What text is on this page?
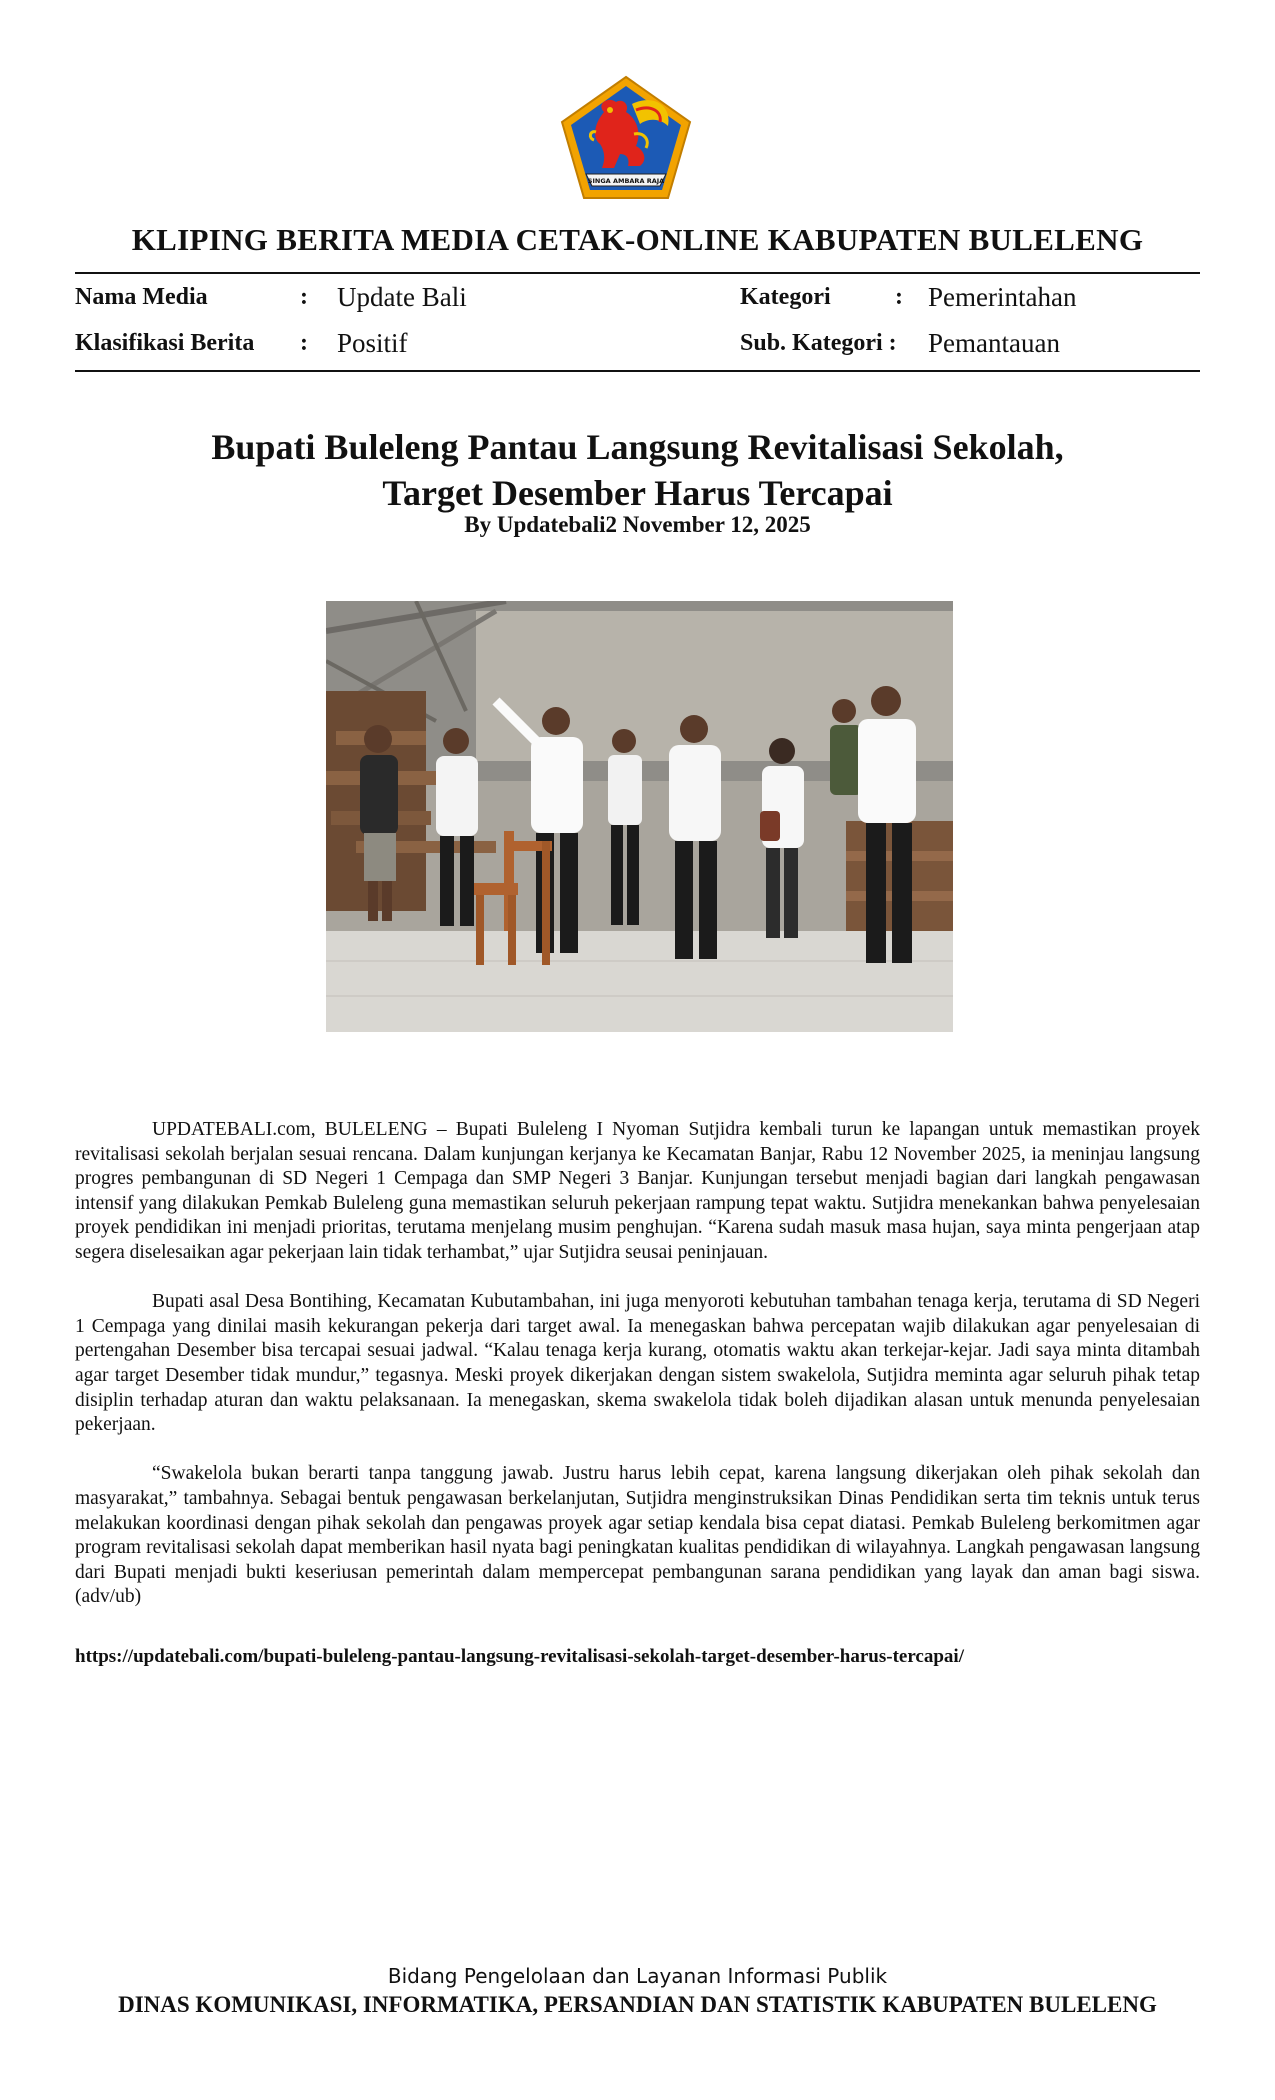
SINGA AMBARA RAJA
KLIPING BERITA MEDIA CETAK-ONLINE KABUPATEN BULELENG
Nama Media	: Update Bali	Kategori	: Pemerintahan
Klasifikasi Berita : Positif	Sub. Kategori : Pemantauan
Bupati Buleleng Pantau Langsung Revitalisasi Sekolah,
Target Desember Harus Tercapai
By Updatebali2 November 12, 2025

UPDATEBALI.com, BULELENG – Bupati Buleleng I Nyoman Sutjidra kembali turun ke lapangan untuk memastikan proyek revitalisasi sekolah berjalan sesuai rencana. Dalam kunjungan kerjanya ke Kecamatan Banjar, Rabu 12 November 2025, ia meninjau langsung progres pembangunan di SD Negeri 1 Cempaga dan SMP Negeri 3 Banjar. Kunjungan tersebut menjadi bagian dari langkah pengawasan intensif yang dilakukan Pemkab Buleleng guna memastikan seluruh pekerjaan rampung tepat waktu. Sutjidra menekankan bahwa penyelesaian proyek pendidikan ini menjadi prioritas, terutama menjelang musim penghujan. “Karena sudah masuk masa hujan, saya minta pengerjaan atap segera diselesaikan agar pekerjaan lain tidak terhambat,” ujar Sutjidra seusai peninjauan.

Bupati asal Desa Bontihing, Kecamatan Kubutambahan, ini juga menyoroti kebutuhan tambahan tenaga kerja, terutama di SD Negeri 1 Cempaga yang dinilai masih kekurangan pekerja dari target awal. Ia menegaskan bahwa percepatan wajib dilakukan agar penyelesaian di pertengahan Desember bisa tercapai sesuai jadwal. “Kalau tenaga kerja kurang, otomatis waktu akan terkejar-kejar. Jadi saya minta ditambah agar target Desember tidak mundur,” tegasnya. Meski proyek dikerjakan dengan sistem swakelola, Sutjidra meminta agar seluruh pihak tetap disiplin terhadap aturan dan waktu pelaksanaan. Ia menegaskan, skema swakelola tidak boleh dijadikan alasan untuk menunda penyelesaian pekerjaan.

“Swakelola bukan berarti tanpa tanggung jawab. Justru harus lebih cepat, karena langsung dikerjakan oleh pihak sekolah dan masyarakat,” tambahnya. Sebagai bentuk pengawasan berkelanjutan, Sutjidra menginstruksikan Dinas Pendidikan serta tim teknis untuk terus melakukan koordinasi dengan pihak sekolah dan pengawas proyek agar setiap kendala bisa cepat diatasi. Pemkab Buleleng berkomitmen agar program revitalisasi sekolah dapat memberikan hasil nyata bagi peningkatan kualitas pendidikan di wilayahnya. Langkah pengawasan langsung dari Bupati menjadi bukti keseriusan pemerintah dalam mempercepat pembangunan sarana pendidikan yang layak dan aman bagi siswa.(adv/ub)

https://updatebali.com/bupati-buleleng-pantau-langsung-revitalisasi-sekolah-target-desember-harus-tercapai/
Bidang Pengelolaan dan Layanan Informasi Publik
DINAS KOMUNIKASI, INFORMATIKA, PERSANDIAN DAN STATISTIK KABUPATEN BULELENG
